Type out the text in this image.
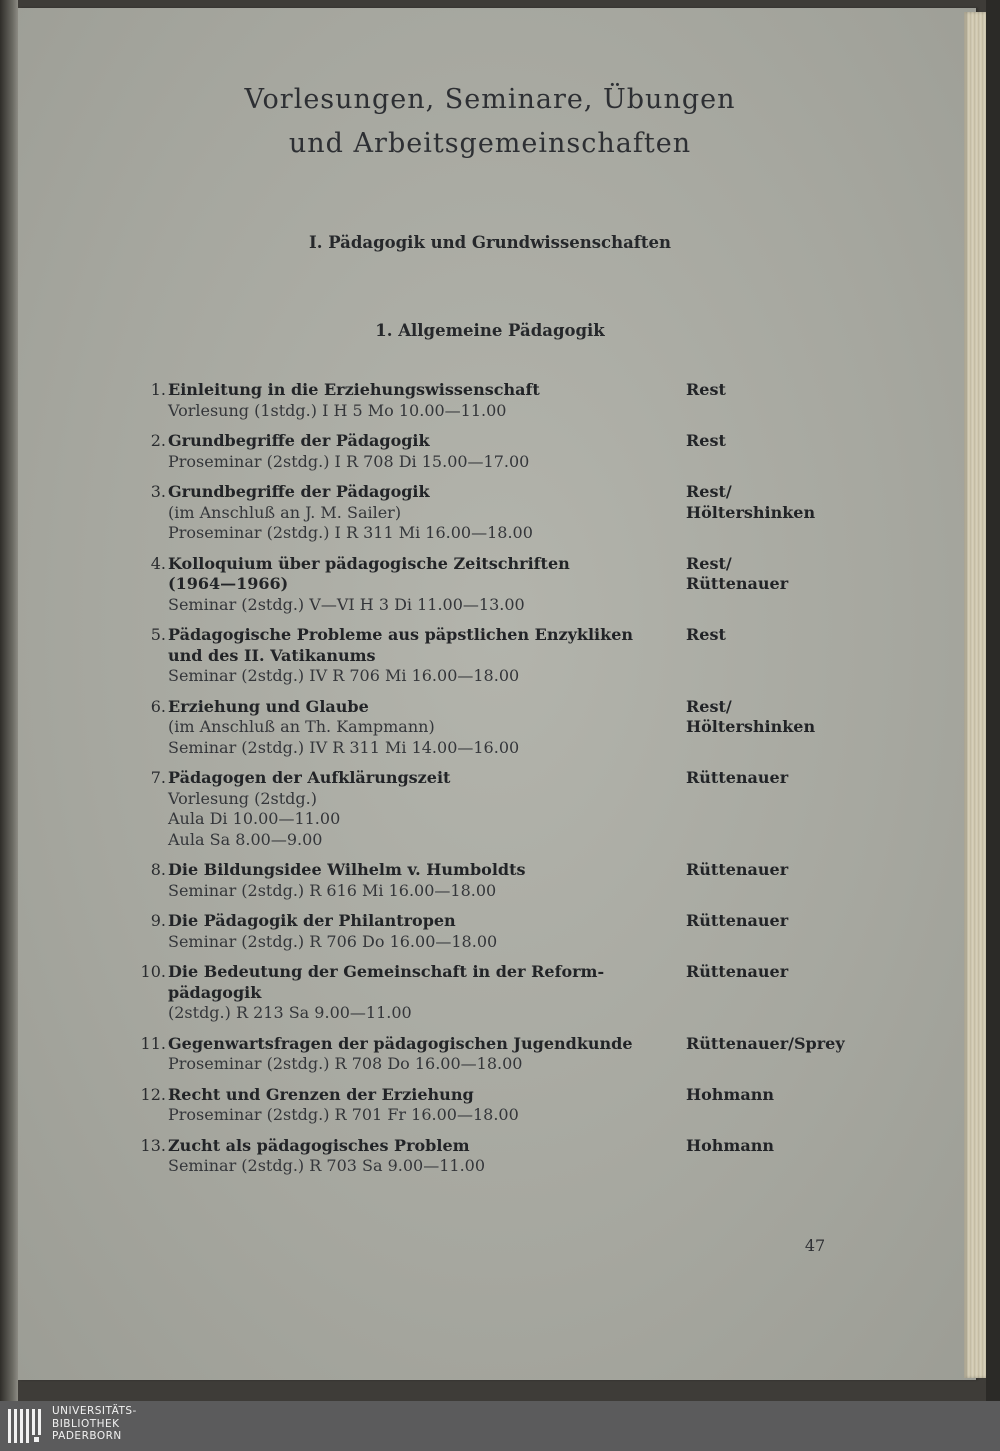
Vorlesungen, Seminare, Übungen
und Arbeitsgemeinschaften
I. Pädagogik und Grundwissenschaften
1. Allgemeine Pädagogik
1. Einleitung in die Erziehungswissenschaft
Vorlesung (1stdg.) I H 5 Mo 10.00—11.00
Rest
2. Grundbegriffe der Pädagogik
Proseminar (2stdg.) I R 708 Di 15.00—17.00
Rest
3. Grundbegriffe der Pädagogik
(im Anschluß an J. M. Sailer)
Proseminar (2stdg.) I R 311 Mi 16.00—18.00
Rest/
Höltershinken
4. Kolloquium über pädagogische Zeitschriften
(1964—1966)
Seminar (2stdg.) V—VI H 3 Di 11.00—13.00
Rest/
Rüttenauer
5. Pädagogische Probleme aus päpstlichen Enzykliken
und des II. Vatikanums
Seminar (2stdg.) IV R 706 Mi 16.00—18.00
Rest
6. Erziehung und Glaube
(im Anschluß an Th. Kampmann)
Seminar (2stdg.) IV R 311 Mi 14.00—16.00
Rest/
Höltershinken
7. Pädagogen der Aufklärungszeit
Vorlesung (2stdg.)
Aula Di 10.00—11.00
Aula Sa 8.00—9.00
Rüttenauer
8. Die Bildungsidee Wilhelm v. Humboldts
Seminar (2stdg.) R 616 Mi 16.00—18.00
Rüttenauer
9. Die Pädagogik der Philantropen
Seminar (2stdg.) R 706 Do 16.00—18.00
Rüttenauer
10. Die Bedeutung der Gemeinschaft in der Reform-
pädagogik
(2stdg.) R 213 Sa 9.00—11.00
Rüttenauer
11. Gegenwartsfragen der pädagogischen Jugendkunde
Proseminar (2stdg.) R 708 Do 16.00—18.00
Rüttenauer/Sprey
12. Recht und Grenzen der Erziehung
Proseminar (2stdg.) R 701 Fr 16.00—18.00
Hohmann
13. Zucht als pädagogisches Problem
Seminar (2stdg.) R 703 Sa 9.00—11.00
Hohmann
47
UNIVERSITÄTS-
BIBLIOTHEK
PADERBORN
